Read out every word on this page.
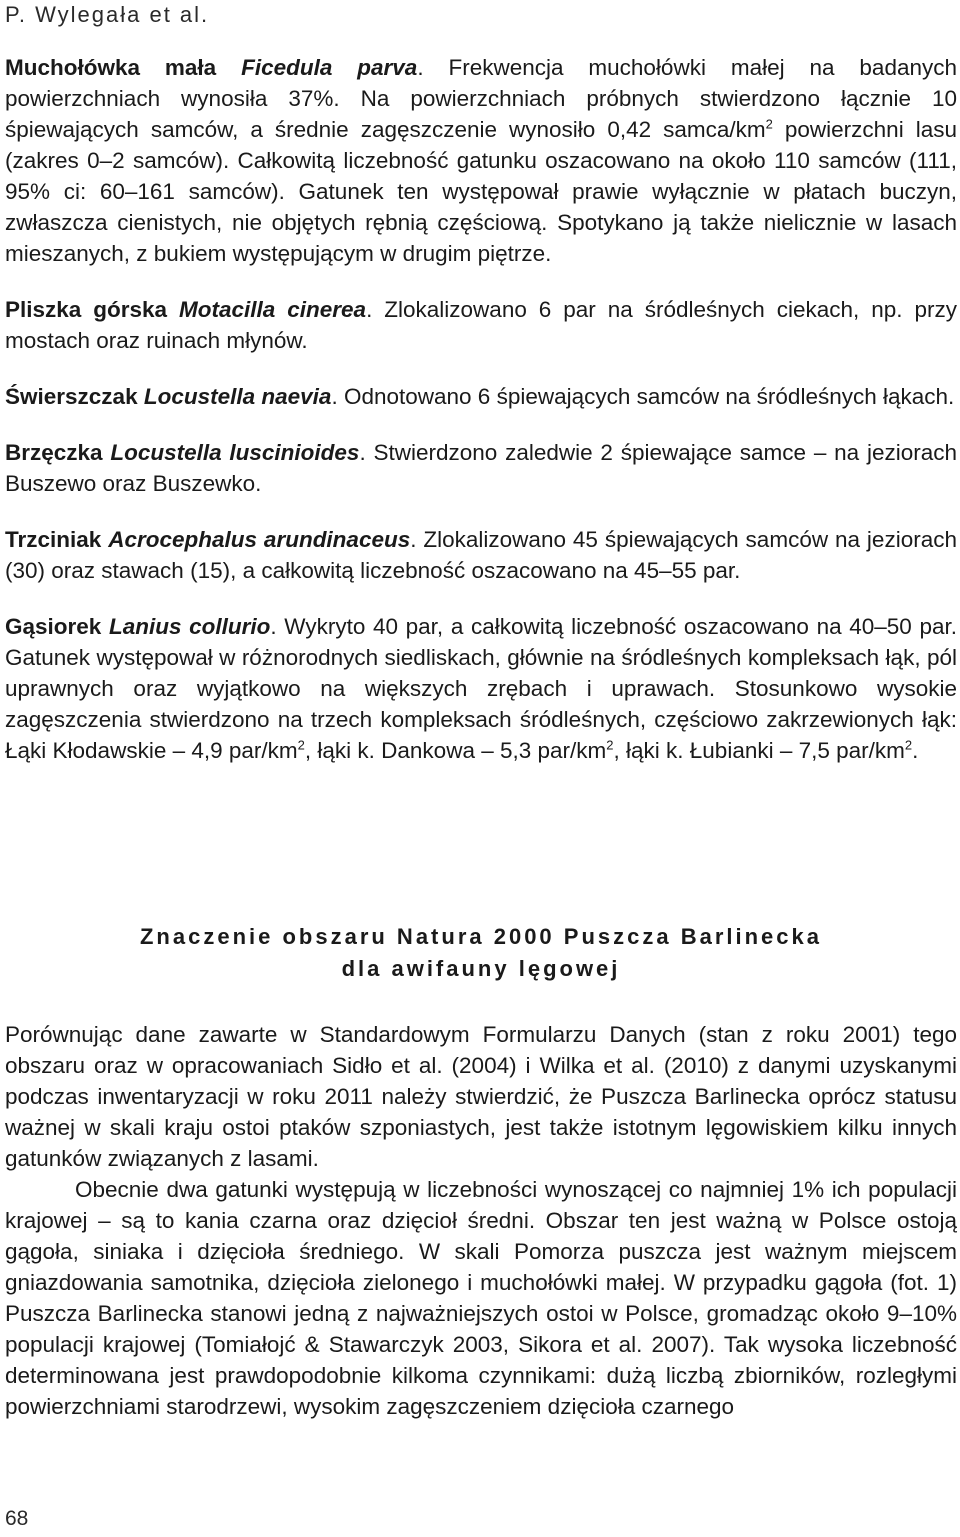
P. Wylegała et al.

Muchołówka mała Ficedula parva. Frekwencja muchołówki małej na badanych powierzchniach wynosiła 37%. Na powierzchniach próbnych stwierdzono łącznie 10 śpiewających samców, a średnie zagęszczenie wynosiło 0,42 samca/$km^2$ powierzchni lasu (zakres 0–2 samców). Całkowitą liczebność gatunku oszacowano na około 110 samców (111, 95% ci: 60–161 samców). Gatunek ten występował prawie wyłącznie w płatach buczyn, zwłaszcza cienistych, nie objętych rębnią częściową. Spotykano ją także nielicznie w lasach mieszanych, z bukiem występującym w drugim piętrze.

Pliszka górska Motacilla cinerea. Zlokalizowano 6 par na śródleśnych ciekach, np. przy mostach oraz ruinach młynów.

Świerszczak Locustella naevia. Odnotowano 6 śpiewających samców na śródleśnych łąkach.

Brzęczka Locustella luscinioides. Stwierdzono zaledwie 2 śpiewające samce – na jeziorach Buszewo oraz Buszewko.

Trzciniak Acrocephalus arundinaceus. Zlokalizowano 45 śpiewających samców na jeziorach (30) oraz stawach (15), a całkowitą liczebność oszacowano na 45–55 par.

Gąsiorek Lanius collurio. Wykryto 40 par, a całkowitą liczebność oszacowano na 40–50 par. Gatunek występował w różnorodnych siedliskach, głównie na śródleśnych kompleksach łąk, pól uprawnych oraz wyjątkowo na większych zrębach i uprawach. Stosunkowo wysokie zagęszczenia stwierdzono na trzech kompleksach śródleśnych, częściowo zakrzewionych łąk: Łąki Kłodawskie – 4,9 par/$km^2$, łąki k. Dankowa – 5,3 par/$km^2$, łąki k. Łubianki – 7,5 par/$km^2$.

Znaczenie obszaru Natura 2000 Puszcza Barlinecka
dla awifauny lęgowej

Porównując dane zawarte w Standardowym Formularzu Danych (stan z roku 2001) tego obszaru oraz w opracowaniach Sidło et al. (2004) i Wilka et al. (2010) z danymi uzyskanymi podczas inwentaryzacji w roku 2011 należy stwierdzić, że Puszcza Barlinecka oprócz statusu ważnej w skali kraju ostoi ptaków szponiastych, jest także istotnym lęgowiskiem kilku innych gatunków związanych z lasami.

Obecnie dwa gatunki występują w liczebności wynoszącej co najmniej 1% ich populacji krajowej – są to kania czarna oraz dzięcioł średni. Obszar ten jest ważną w Polsce ostoją gągoła, siniaka i dzięcioła średniego. W skali Pomorza puszcza jest ważnym miejscem gniazdowania samotnika, dzięcioła zielonego i muchołówki małej. W przypadku gągoła (fot. 1) Puszcza Barlinecka stanowi jedną z najważniejszych ostoi w Polsce, gromadząc około 9–10% populacji krajowej (Tomiałojć & Stawarczyk 2003, Sikora et al. 2007). Tak wysoka liczebność determinowana jest prawdopodobnie kilkoma czynnikami: dużą liczbą zbiorników, rozległymi powierzchniami starodrzewi, wysokim zagęszczeniem dzięcioła czarnego

68
